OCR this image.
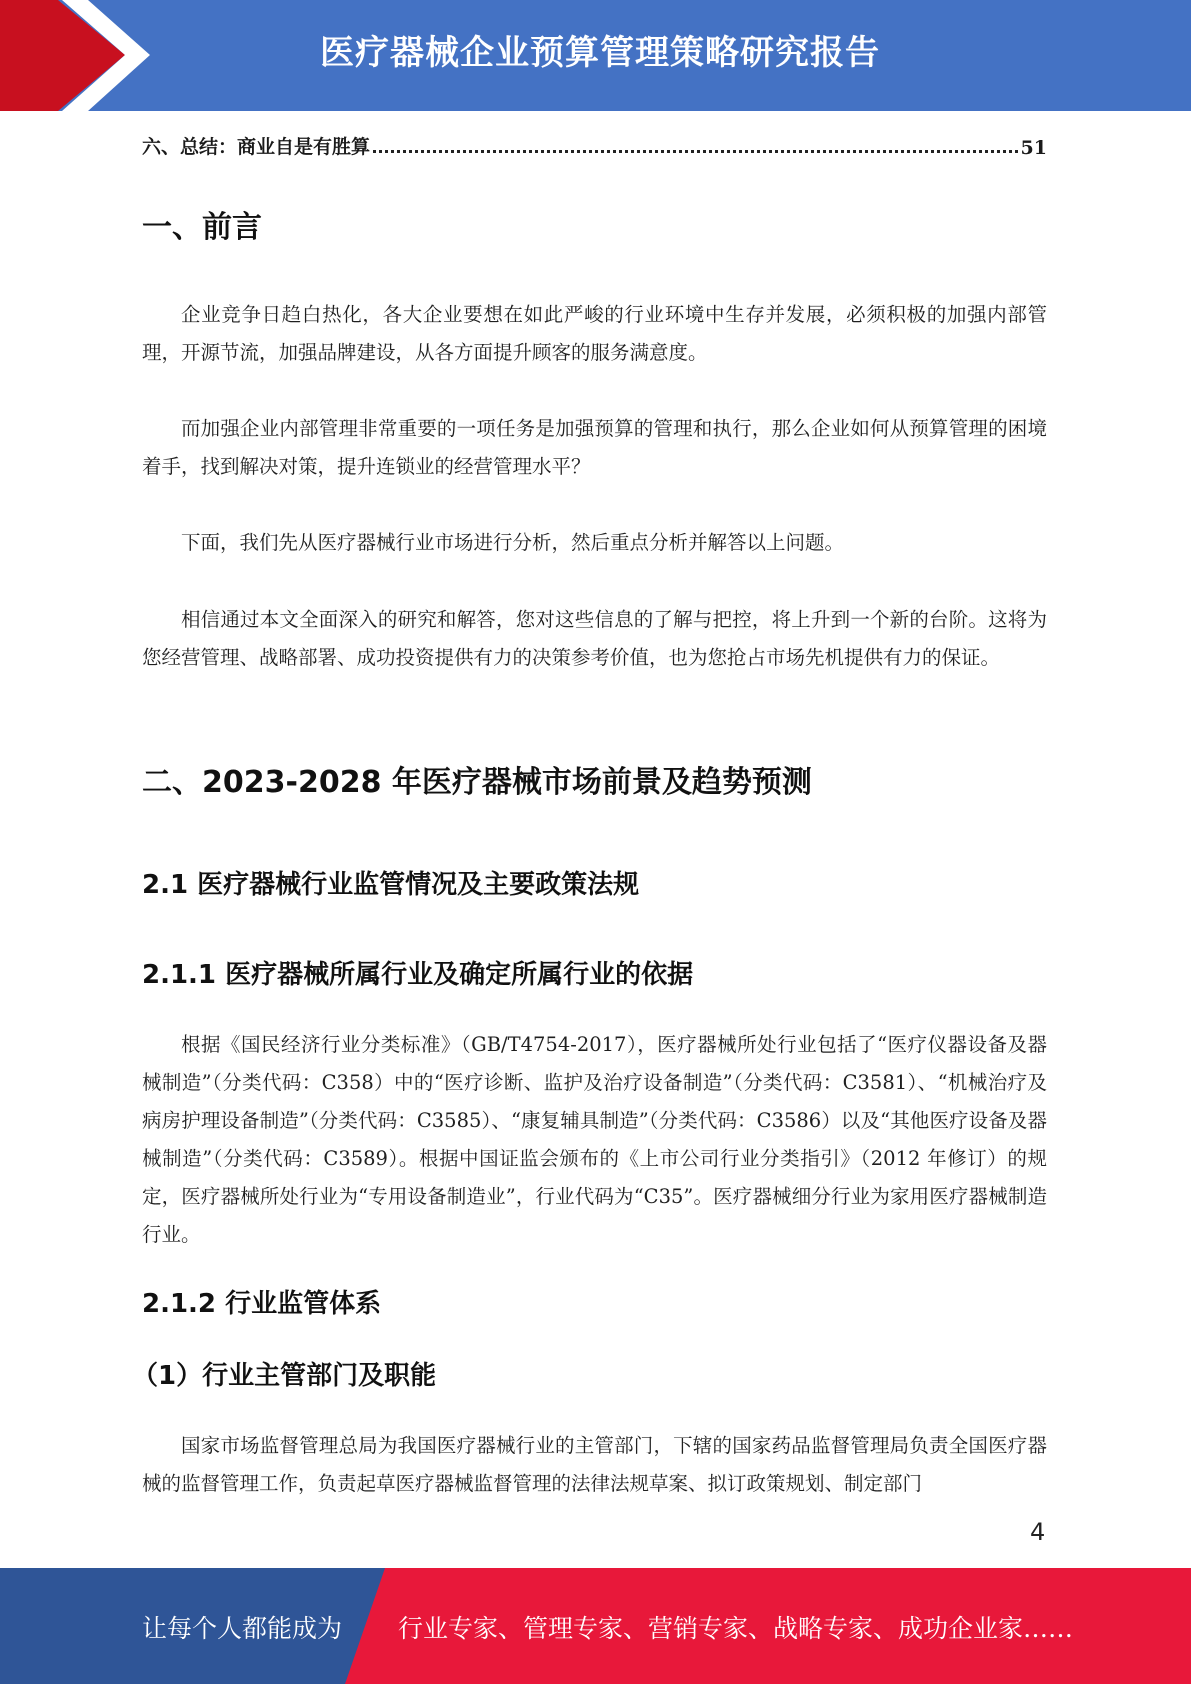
医疗器械企业预算管理策略研究报告
六、总结：商业自是有胜算	51
一、前言
企业竞争日趋白热化，各大企业要想在如此严峻的行业环境中生存并发展，必须积极的加强内部管理，开源节流，加强品牌建设，从各方面提升顾客的服务满意度。
而加强企业内部管理非常重要的一项任务是加强预算的管理和执行，那么企业如何从预算管理的困境着手，找到解决对策，提升连锁业的经营管理水平？
下面，我们先从医疗器械行业市场进行分析，然后重点分析并解答以上问题。
相信通过本文全面深入的研究和解答，您对这些信息的了解与把控，将上升到一个新的台阶。这将为您经营管理、战略部署、成功投资提供有力的决策参考价值，也为您抢占市场先机提供有力的保证。
二、2023-2028 年医疗器械市场前景及趋势预测
2.1 医疗器械行业监管情况及主要政策法规
2.1.1 医疗器械所属行业及确定所属行业的依据
根据《国民经济行业分类标准》（GB/T4754-2017），医疗器械所处行业包括了“医疗仪器设备及器械制造”（分类代码：C358）中的“医疗诊断、监护及治疗设备制造”（分类代码：C3581）、“机械治疗及病房护理设备制造”（分类代码：C3585）、“康复辅具制造”（分类代码：C3586）以及“其他医疗设备及器械制造”（分类代码：C3589）。根据中国证监会颁布的《上市公司行业分类指引》（2012 年修订）的规定，医疗器械所处行业为“专用设备制造业”，行业代码为“C35”。医疗器械细分行业为家用医疗器械制造行业。
2.1.2 行业监管体系
（1）行业主管部门及职能
国家市场监督管理总局为我国医疗器械行业的主管部门，下辖的国家药品监督管理局负责全国医疗器械的监督管理工作，负责起草医疗器械监督管理的法律法规草案、拟订政策规划、制定部门
4
让每个人都能成为 行业专家、管理专家、营销专家、战略专家、成功企业家……
